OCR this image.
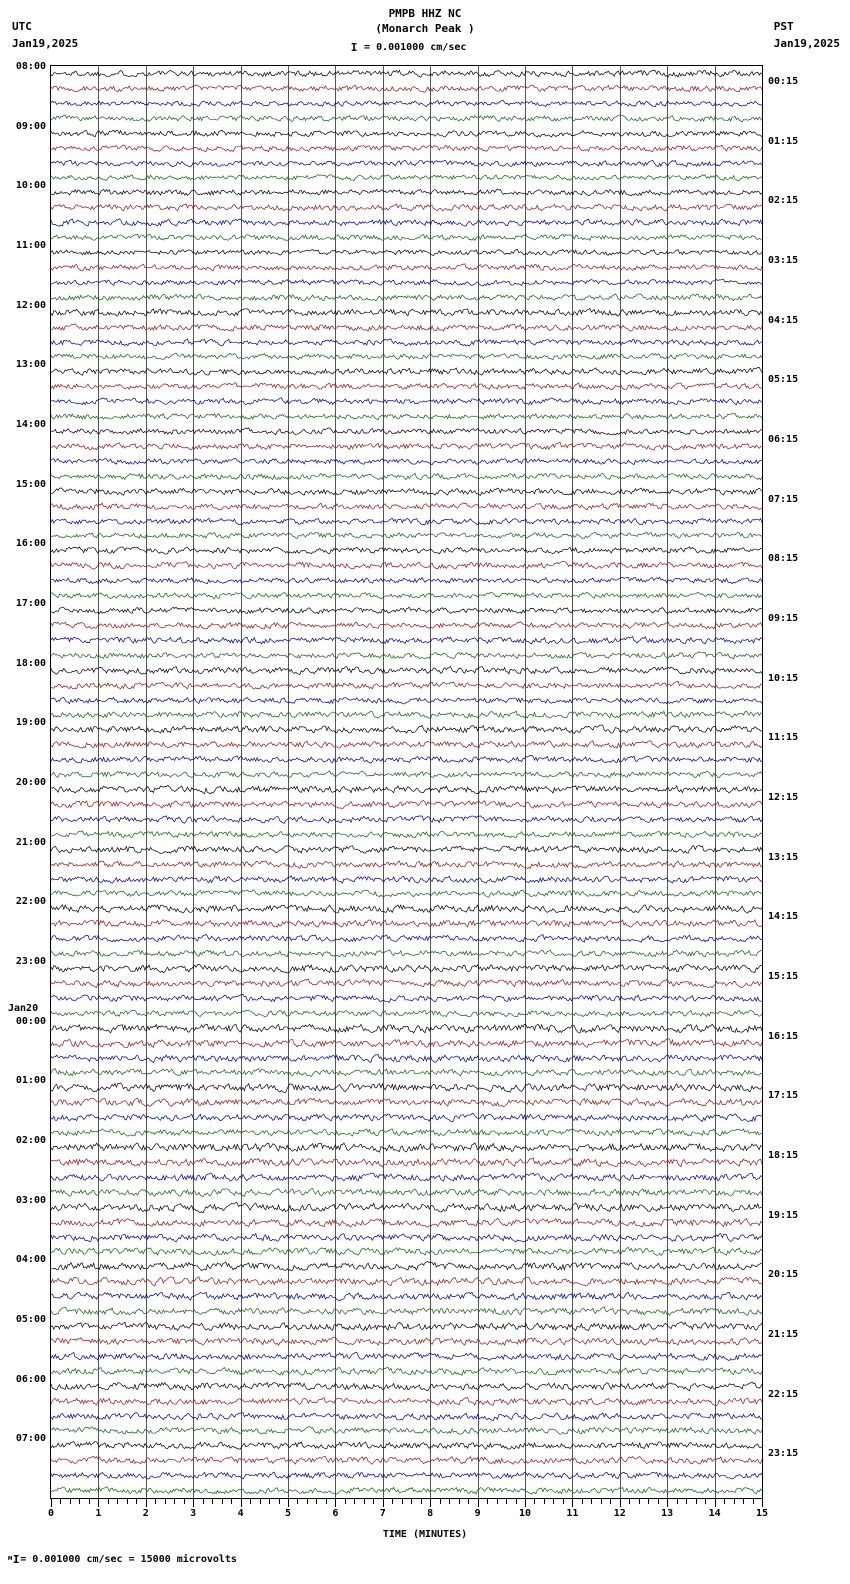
UTC
Jan19,2025
PMPB HHZ NC
(Monarch Peak )
I = 0.001000 cm/sec
PST
Jan19,2025
08:00
00:15
09:00
01:15
10:00
02:15
11:00
03:15
12:00
04:15
13:00
05:15
14:00
06:15
15:00
07:15
16:00
08:15
17:00
09:15
18:00
10:15
19:00
11:15
20:00
12:15
21:00
13:15
22:00
14:15
23:00
15:15
00:00
16:15
01:00
17:15
02:00
18:15
03:00
19:15
04:00
20:15
05:00
21:15
06:00
22:15
07:00
23:15
Jan20
0	1	2	3	4	5	6	7	8	9	10	11	12	13	14	15
TIME (MINUTES)
$^м$I= 0.001000 cm/sec = 15000 microvolts
